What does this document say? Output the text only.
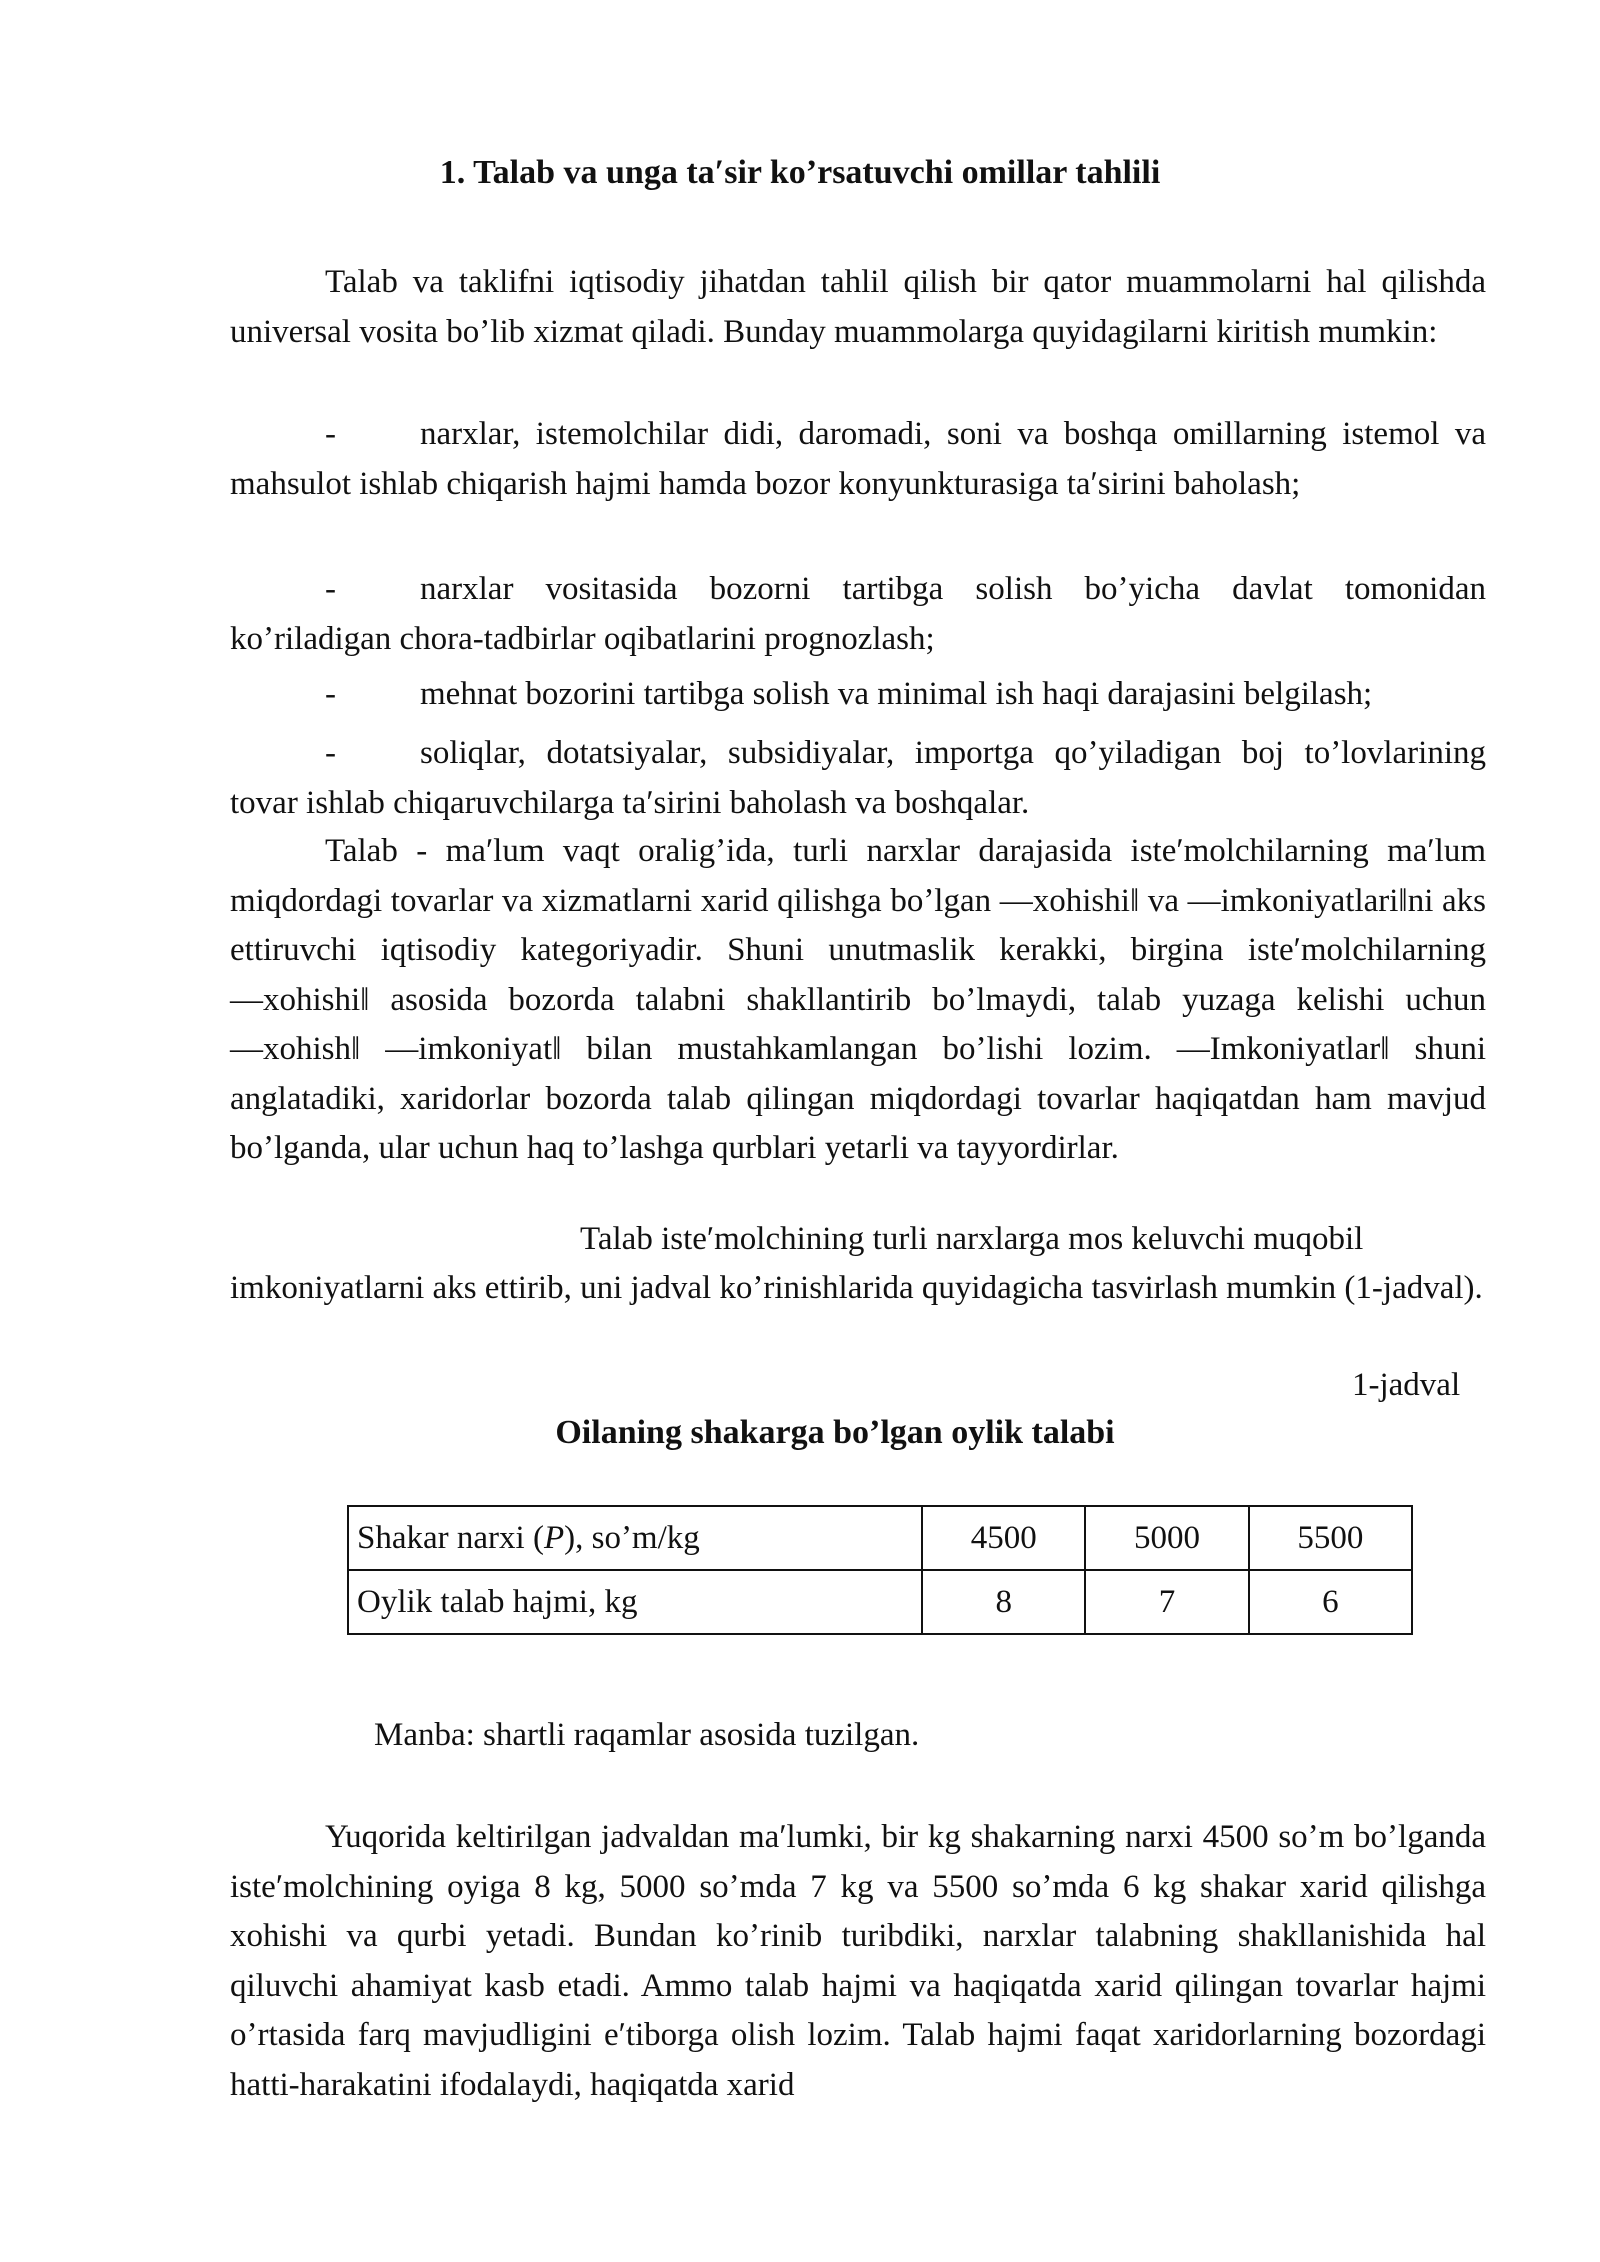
1. Talab va unga taʹsir koʼrsatuvchi omillar tahlili

Talab va taklifni iqtisodiy jihatdan tahlil qilish bir qator muammolarni hal qilishda universal vosita boʼlib xizmat qiladi. Bunday muammolarga quyidagilarni kiritish mumkin:

-	narxlar, istemolchilar didi, daromadi, soni va boshqa omillarning istemol va mahsulot ishlab chiqarish hajmi hamda bozor konyunkturasiga taʹsirini baholash;

-	narxlar vositasida bozorni tartibga solish boʼyicha davlat tomonidan koʼriladigan chora-tadbirlar oqibatlarini prognozlash;

-	mehnat bozorini tartibga solish va minimal ish haqi darajasini belgilash;

-	soliqlar, dotatsiyalar, subsidiyalar, importga qoʼyiladigan boj toʼlovlarining tovar ishlab chiqaruvchilarga taʹsirini baholash va boshqalar.

Talab - maʹlum vaqt oraligʼida, turli narxlar darajasida isteʹmolchilarning maʹlum miqdordagi tovarlar va xizmatlarni xarid qilishga boʼlgan ―xohishi‖ va ―imkoniyatlari‖ni aks ettiruvchi iqtisodiy kategoriyadir. Shuni unutmaslik kerakki, birgina isteʹmolchilarning ―xohishi‖ asosida bozorda talabni shakllantirib boʼlmaydi, talab yuzaga kelishi uchun ―xohish‖ ―imkoniyat‖ bilan mustahkamlangan boʼlishi lozim. ―Imkoniyatlar‖ shuni anglatadiki, xaridorlar bozorda talab qilingan miqdordagi tovarlar haqiqatdan ham mavjud boʼlganda, ular uchun haq toʼlashga qurblari yetarli va tayyordirlar.

Talab isteʹmolchining turli narxlarga mos keluvchi muqobil

imkoniyatlarni aks ettirib, uni jadval koʼrinishlarida quyidagicha tasvirlash mumkin (1-jadval).

1-jadval
Oilaning shakarga boʼlgan oylik talabi
Shakar narxi (P), soʼm/kg	4500	5000	5500
Oylik talab hajmi, kg	8	7	6
Manba: shartli raqamlar asosida tuzilgan.

Yuqorida keltirilgan jadvaldan maʹlumki, bir kg shakarning narxi 4500 soʼm boʼlganda isteʹmolchining oyiga 8 kg, 5000 soʼmda 7 kg va 5500 soʼmda 6 kg shakar xarid qilishga xohishi va qurbi yetadi. Bundan koʼrinib turibdiki, narxlar talabning shakllanishida hal qiluvchi ahamiyat kasb etadi. Ammo talab hajmi va haqiqatda xarid qilingan tovarlar hajmi oʼrtasida farq mavjudligini eʹtiborga olish lozim. Talab hajmi faqat xaridorlarning bozordagi hatti-harakatini ifodalaydi, haqiqatda xarid
